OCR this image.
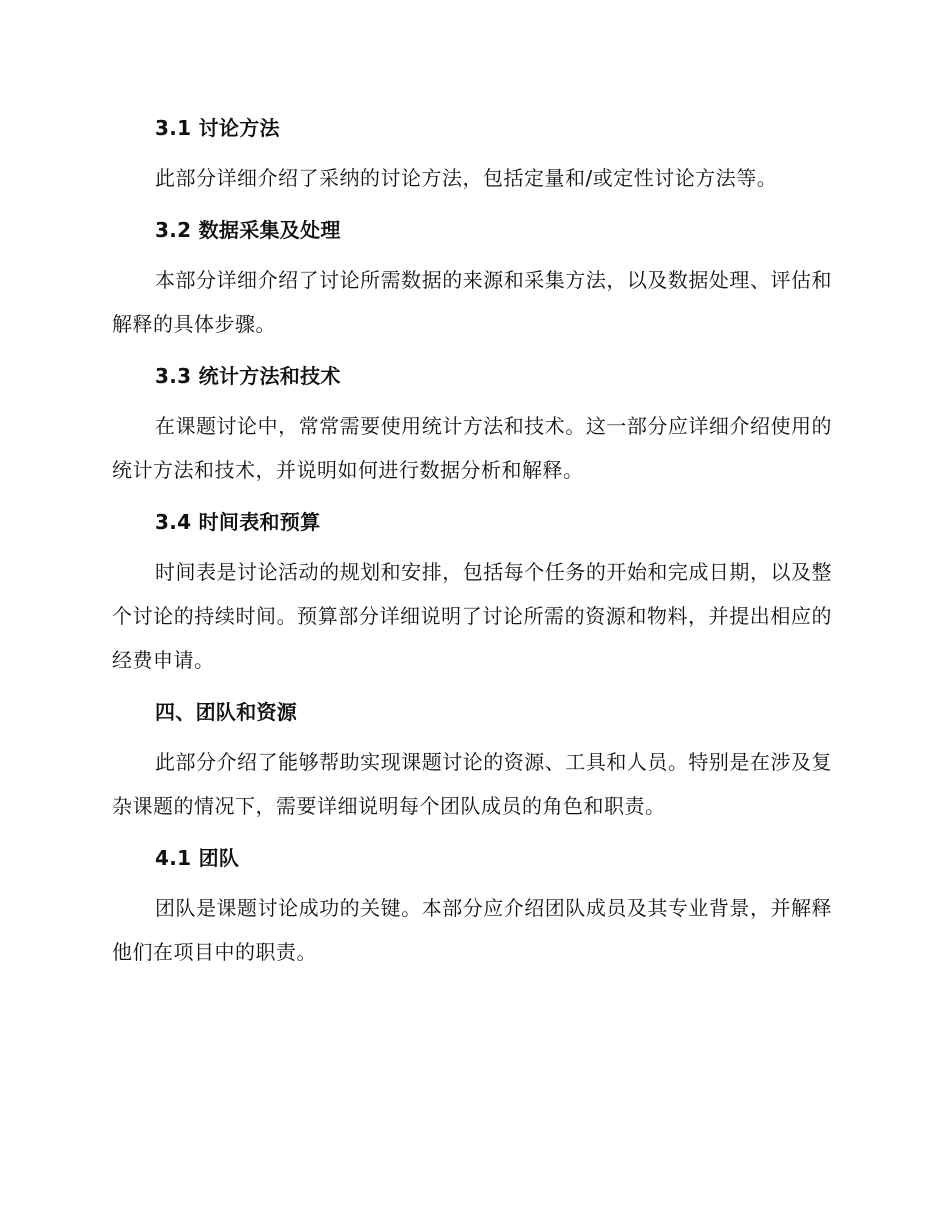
3.1 讨论方法

此部分详细介绍了采纳的讨论方法，包括定量和/或定性讨论方法等。

3.2 数据采集及处理

本部分详细介绍了讨论所需数据的来源和采集方法，以及数据处理、评估和解释的具体步骤。

3.3 统计方法和技术

在课题讨论中，常常需要使用统计方法和技术。这一部分应详细介绍使用的统计方法和技术，并说明如何进行数据分析和解释。

3.4 时间表和预算

时间表是讨论活动的规划和安排，包括每个任务的开始和完成日期，以及整个讨论的持续时间。预算部分详细说明了讨论所需的资源和物料，并提出相应的经费申请。

四、团队和资源

此部分介绍了能够帮助实现课题讨论的资源、工具和人员。特别是在涉及复杂课题的情况下，需要详细说明每个团队成员的角色和职责。

4.1 团队

团队是课题讨论成功的关键。本部分应介绍团队成员及其专业背景，并解释他们在项目中的职责。
